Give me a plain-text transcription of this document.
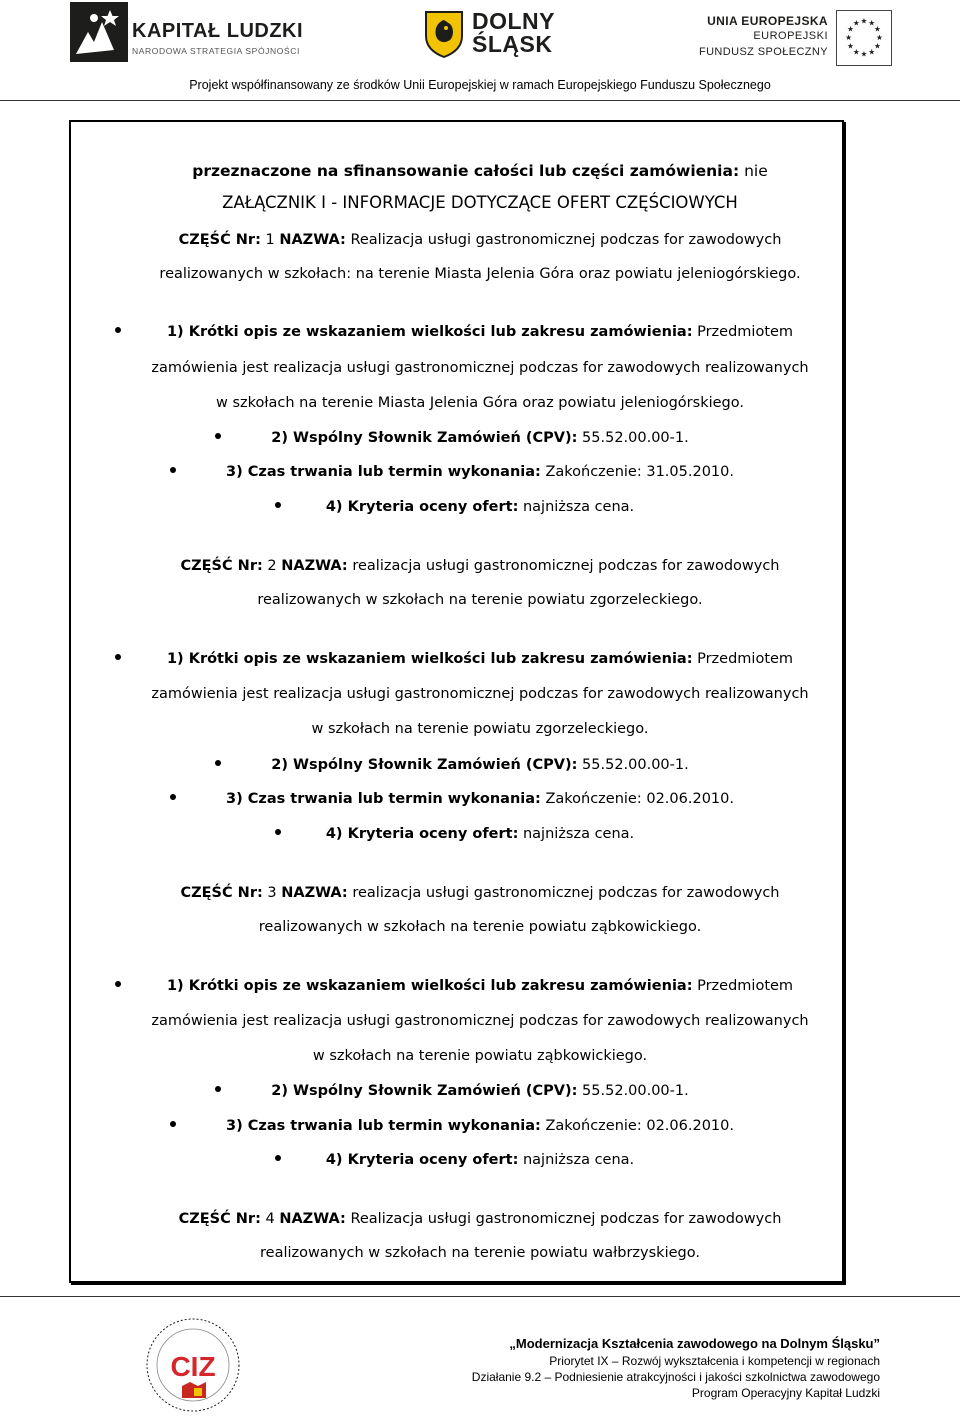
KAPITAŁ LUDZKI
NARODOWA STRATEGIA SPÓJNOŚCI
DOLNY
ŚLĄSK
UNIA EUROPEJSKA
EUROPEJSKI
FUNDUSZ SPOŁECZNY
★ ★
★
★
★
★
★
★
★
★
★
★
Projekt współfinansowany ze środków Unii Europejskiej w ramach Europejskiego Funduszu Społecznego
przeznaczone na sfinansowanie całości lub części zamówienia: nie
ZAŁĄCZNIK I - INFORMACJE DOTYCZĄCE OFERT CZĘŚCIOWYCH
CZĘŚĆ Nr: 1 NAZWA: Realizacja usługi gastronomicznej podczas for zawodowych
realizowanych w szkołach: na terenie Miasta Jelenia Góra oraz powiatu jeleniogórskiego.
1) Krótki opis ze wskazaniem wielkości lub zakresu zamówienia: Przedmiotem
zamówienia jest realizacja usługi gastronomicznej podczas for zawodowych realizowanych
w szkołach na terenie Miasta Jelenia Góra oraz powiatu jeleniogórskiego.
2) Wspólny Słownik Zamówień (CPV): 55.52.00.00-1.
3) Czas trwania lub termin wykonania: Zakończenie: 31.05.2010.
4) Kryteria oceny ofert: najniższa cena.
CZĘŚĆ Nr: 2 NAZWA: realizacja usługi gastronomicznej podczas for zawodowych
realizowanych w szkołach na terenie powiatu zgorzeleckiego.
1) Krótki opis ze wskazaniem wielkości lub zakresu zamówienia: Przedmiotem
zamówienia jest realizacja usługi gastronomicznej podczas for zawodowych realizowanych
w szkołach na terenie powiatu zgorzeleckiego.
2) Wspólny Słownik Zamówień (CPV): 55.52.00.00-1.
3) Czas trwania lub termin wykonania: Zakończenie: 02.06.2010.
4) Kryteria oceny ofert: najniższa cena.
CZĘŚĆ Nr: 3 NAZWA: realizacja usługi gastronomicznej podczas for zawodowych
realizowanych w szkołach na terenie powiatu ząbkowickiego.
1) Krótki opis ze wskazaniem wielkości lub zakresu zamówienia: Przedmiotem
zamówienia jest realizacja usługi gastronomicznej podczas for zawodowych realizowanych
w szkołach na terenie powiatu ząbkowickiego.
2) Wspólny Słownik Zamówień (CPV): 55.52.00.00-1.
3) Czas trwania lub termin wykonania: Zakończenie: 02.06.2010.
4) Kryteria oceny ofert: najniższa cena.
CZĘŚĆ Nr: 4 NAZWA: Realizacja usługi gastronomicznej podczas for zawodowych
realizowanych w szkołach na terenie powiatu wałbrzyskiego.
CIZ
„Modernizacja Kształcenia zawodowego na Dolnym Śląsku”
Priorytet IX – Rozwój wykształcenia i kompetencji w regionach
Działanie 9.2 – Podniesienie atrakcyjności i jakości szkolnictwa zawodowego
Program Operacyjny Kapitał Ludzki
